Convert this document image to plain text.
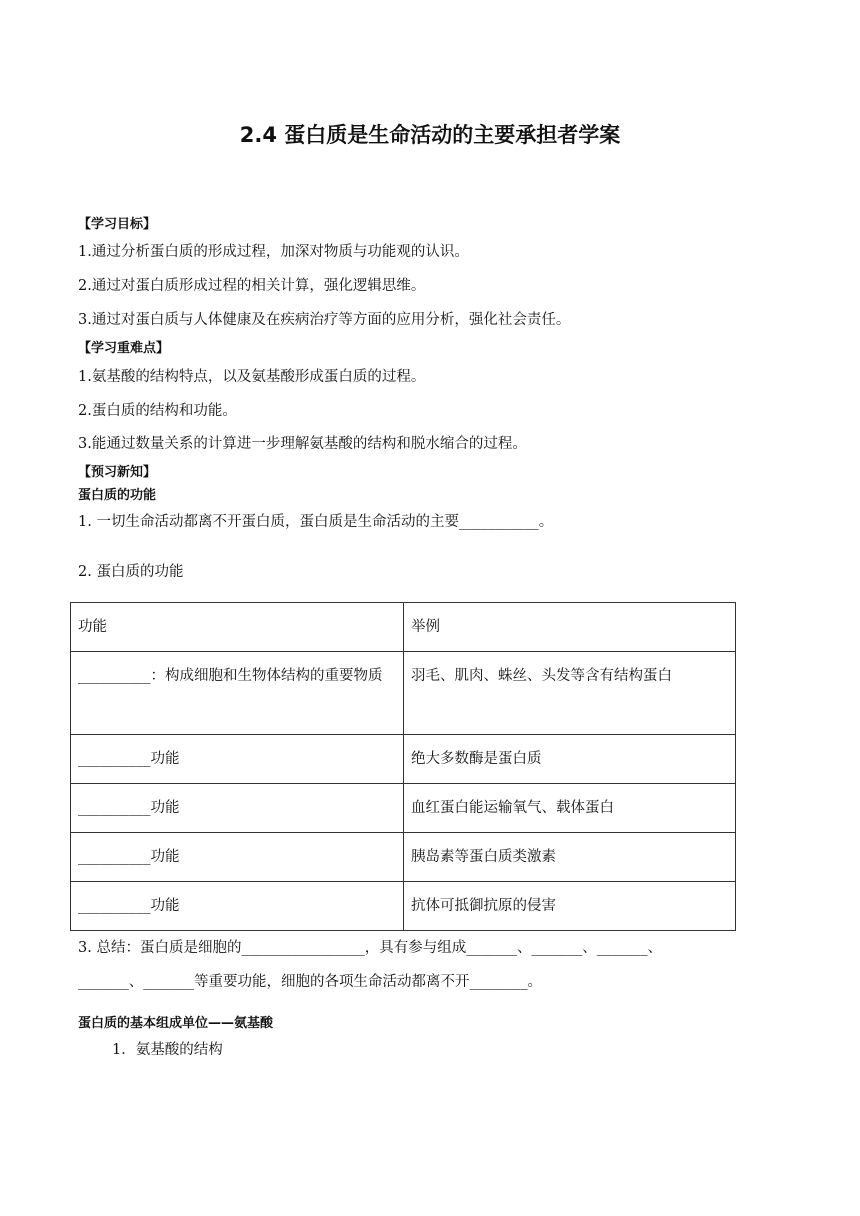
2.4 蛋白质是生命活动的主要承担者学案
【学习目标】
1.通过分析蛋白质的形成过程，加深对物质与功能观的认识。
2.通过对蛋白质形成过程的相关计算，强化逻辑思维。
3.通过对蛋白质与人体健康及在疾病治疗等方面的应用分析，强化社会责任。
【学习重难点】
1.氨基酸的结构特点，以及氨基酸形成蛋白质的过程。
2.蛋白质的结构和功能。
3.能通过数量关系的计算进一步理解氨基酸的结构和脱水缩合的过程。
【预习新知】
蛋白质的功能
1. 一切生命活动都离不开蛋白质，蛋白质是生命活动的主要___________。
2. 蛋白质的功能
功能	举例
__________：构成细胞和生物体结构的重要物质	羽毛、肌肉、蛛丝、头发等含有结构蛋白
__________功能	绝大多数酶是蛋白质
__________功能	血红蛋白能运输氧气、载体蛋白
__________功能	胰岛素等蛋白质类激素
__________功能	抗体可抵御抗原的侵害
3. 总结：蛋白质是细胞的_________________，具有参与组成_______、_______、_______、
_______、_______等重要功能，细胞的各项生命活动都离不开________。
蛋白质的基本组成单位——氨基酸
1．氨基酸的结构
